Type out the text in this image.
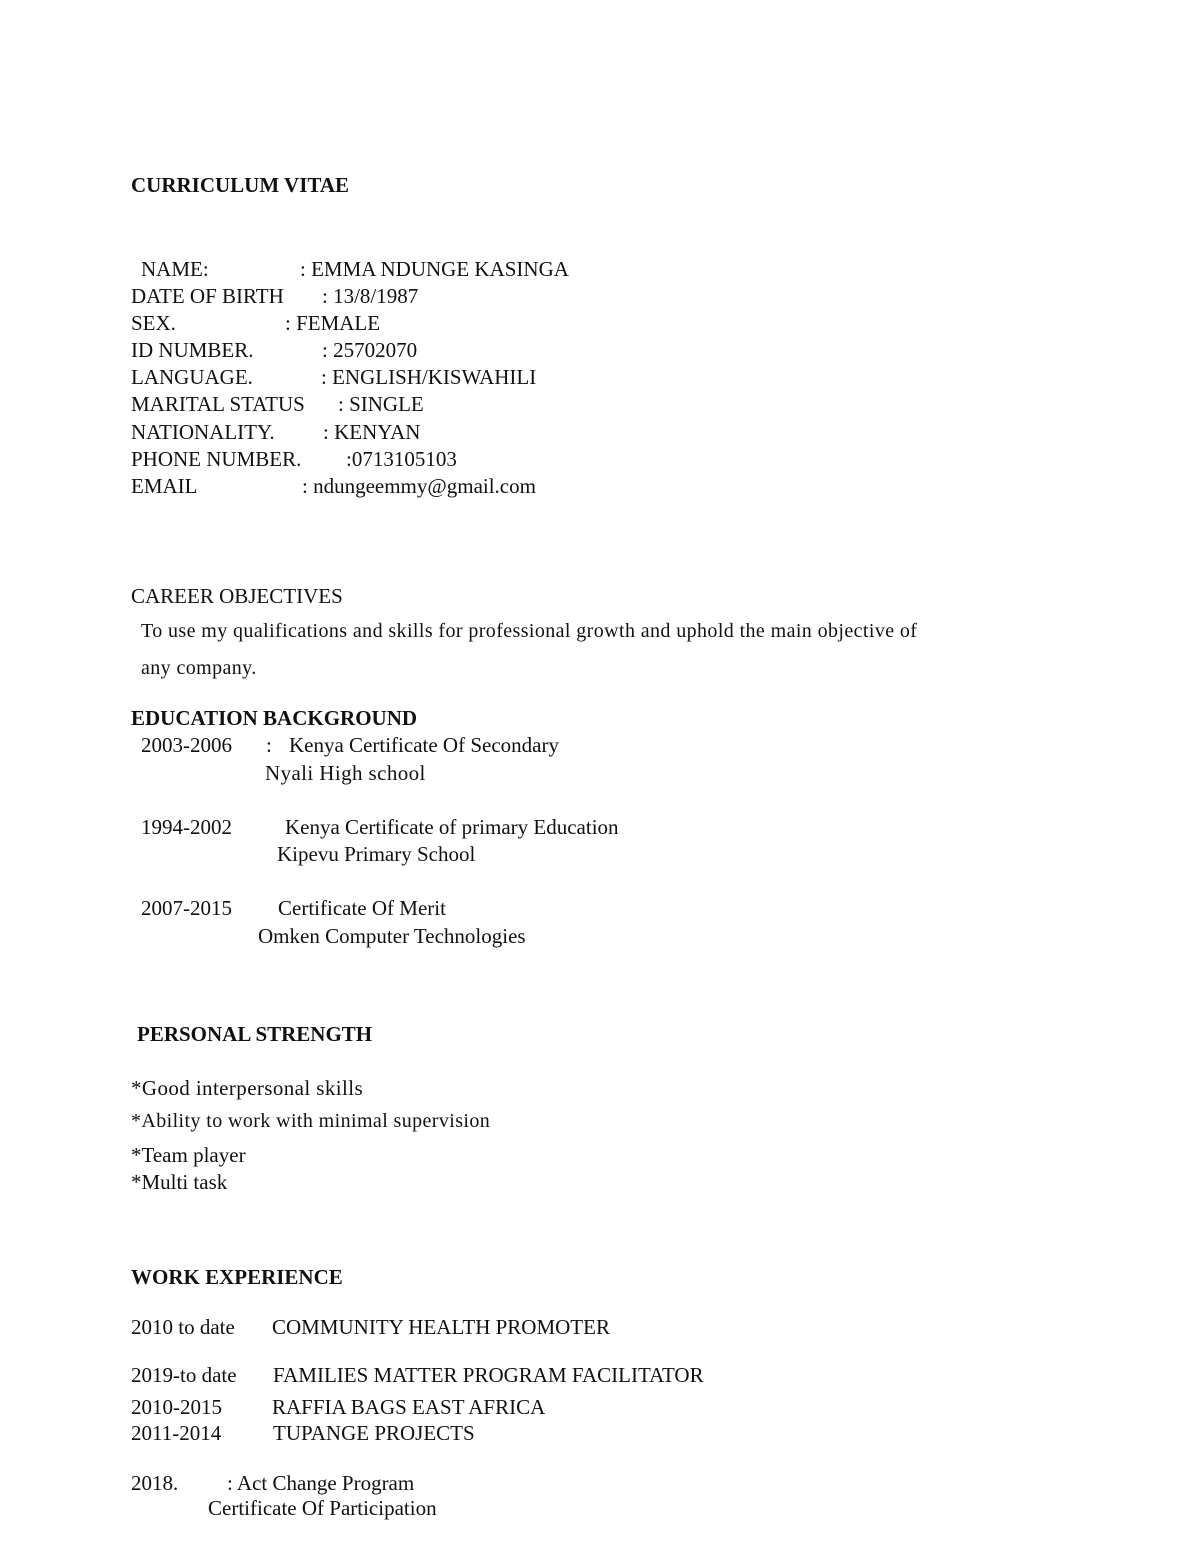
CURRICULUM VITAE
NAME:	: EMMA NDUNGE KASINGA
DATE OF BIRTH : 13/8/1987
SEX.	: FEMALE
ID NUMBER.	: 25702070
LANGUAGE.	: ENGLISH/KISWAHILI
MARITAL STATUS : SINGLE
NATIONALITY. : KENYAN
PHONE NUMBER. :0713105103
EMAIL	: ndungeemmy@gmail.com
CAREER OBJECTIVES
To use my qualifications and skills for professional growth and uphold the main objective of
any company.
EDUCATION BACKGROUND
2003-2006 : Kenya Certificate Of Secondary
Nyali High school
1994-2002	Kenya Certificate of primary Education
Kipevu Primary School
2007-2015 Certificate Of Merit
Omken Computer Technologies
PERSONAL STRENGTH
*Good interpersonal skills
*Ability to work with minimal supervision
*Team player
*Multi task
WORK EXPERIENCE
2010 to date COMMUNITY HEALTH PROMOTER
2019-to date FAMILIES MATTER PROGRAM FACILITATOR
2010-2015 RAFFIA BAGS EAST AFRICA
2011-2014 TUPANGE PROJECTS
2018. : Act Change Program
Certificate Of Participation
